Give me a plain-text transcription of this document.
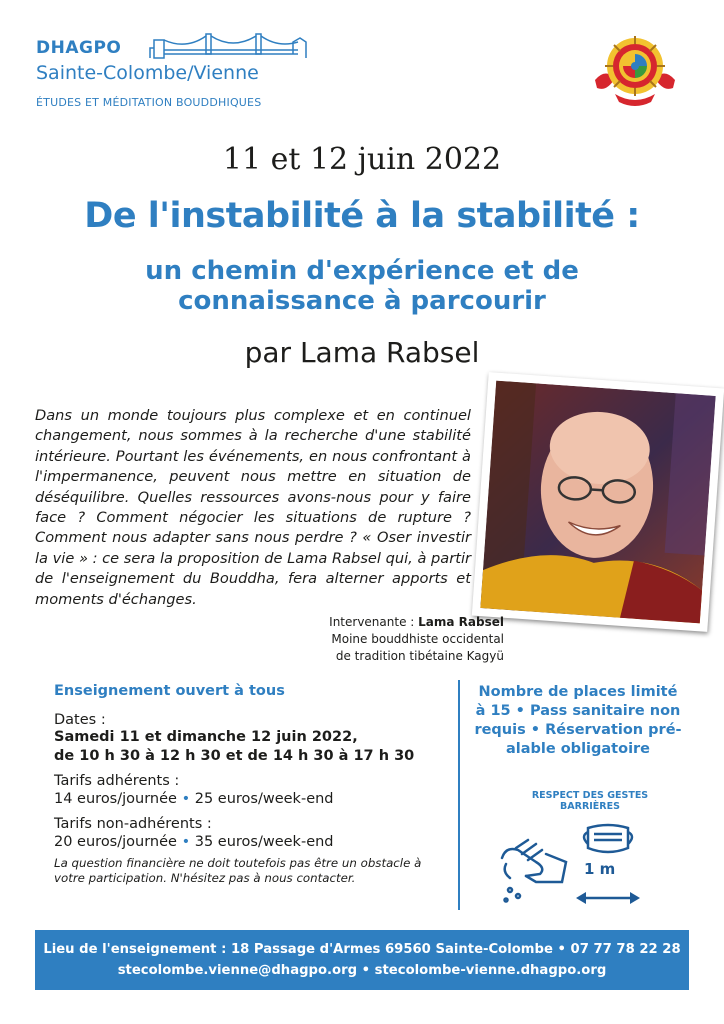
DHAGPO
Sainte-Colombe/Vienne
ÉTUDES ET MÉDITATION BOUDDHIQUES
11 et 12 juin 2022
De l'instabilité à la stabilité :
un chemin d'expérience et de
connaissance à parcourir
par Lama Rabsel
Dans un monde toujours plus complexe et en continuel changement, nous sommes à la recherche d'une stabilité intérieure. Pourtant les événements, en nous confrontant à l'impermanence, peuvent nous mettre en situation de déséquilibre. Quelles ressources avons-nous pour y faire face ? Comment négocier les situations de rupture ? Comment nous adapter sans nous perdre ? « Oser investir la vie » : ce sera la proposition de Lama Rabsel qui, à partir de l'enseignement du Bouddha, fera alterner apports et moments d'échanges.
Intervenante : Lama Rabsel
Moine bouddhiste occidental
de tradition tibétaine Kagyü
Enseignement ouvert à tous
Dates :
Samedi 11 et dimanche 12 juin 2022,
de 10 h 30 à 12 h 30 et de 14 h 30 à 17 h 30
Tarifs adhérents :
14 euros/journée • 25 euros/week-end
Tarifs non-adhérents :
20 euros/journée • 35 euros/week-end
La question financière ne doit toutefois pas être un obstacle à votre participation. N'hésitez pas à nous contacter.
Nombre de places limité
à 15 • Pass sanitaire non
requis • Réservation pré-
alable obligatoire
RESPECT DES GESTES
BARRIÈRES
1 m
Lieu de l'enseignement : 18 Passage d'Armes 69560 Sainte-Colombe • 07 77 78 22 28
stecolombe.vienne@dhagpo.org • stecolombe-vienne.dhagpo.org
